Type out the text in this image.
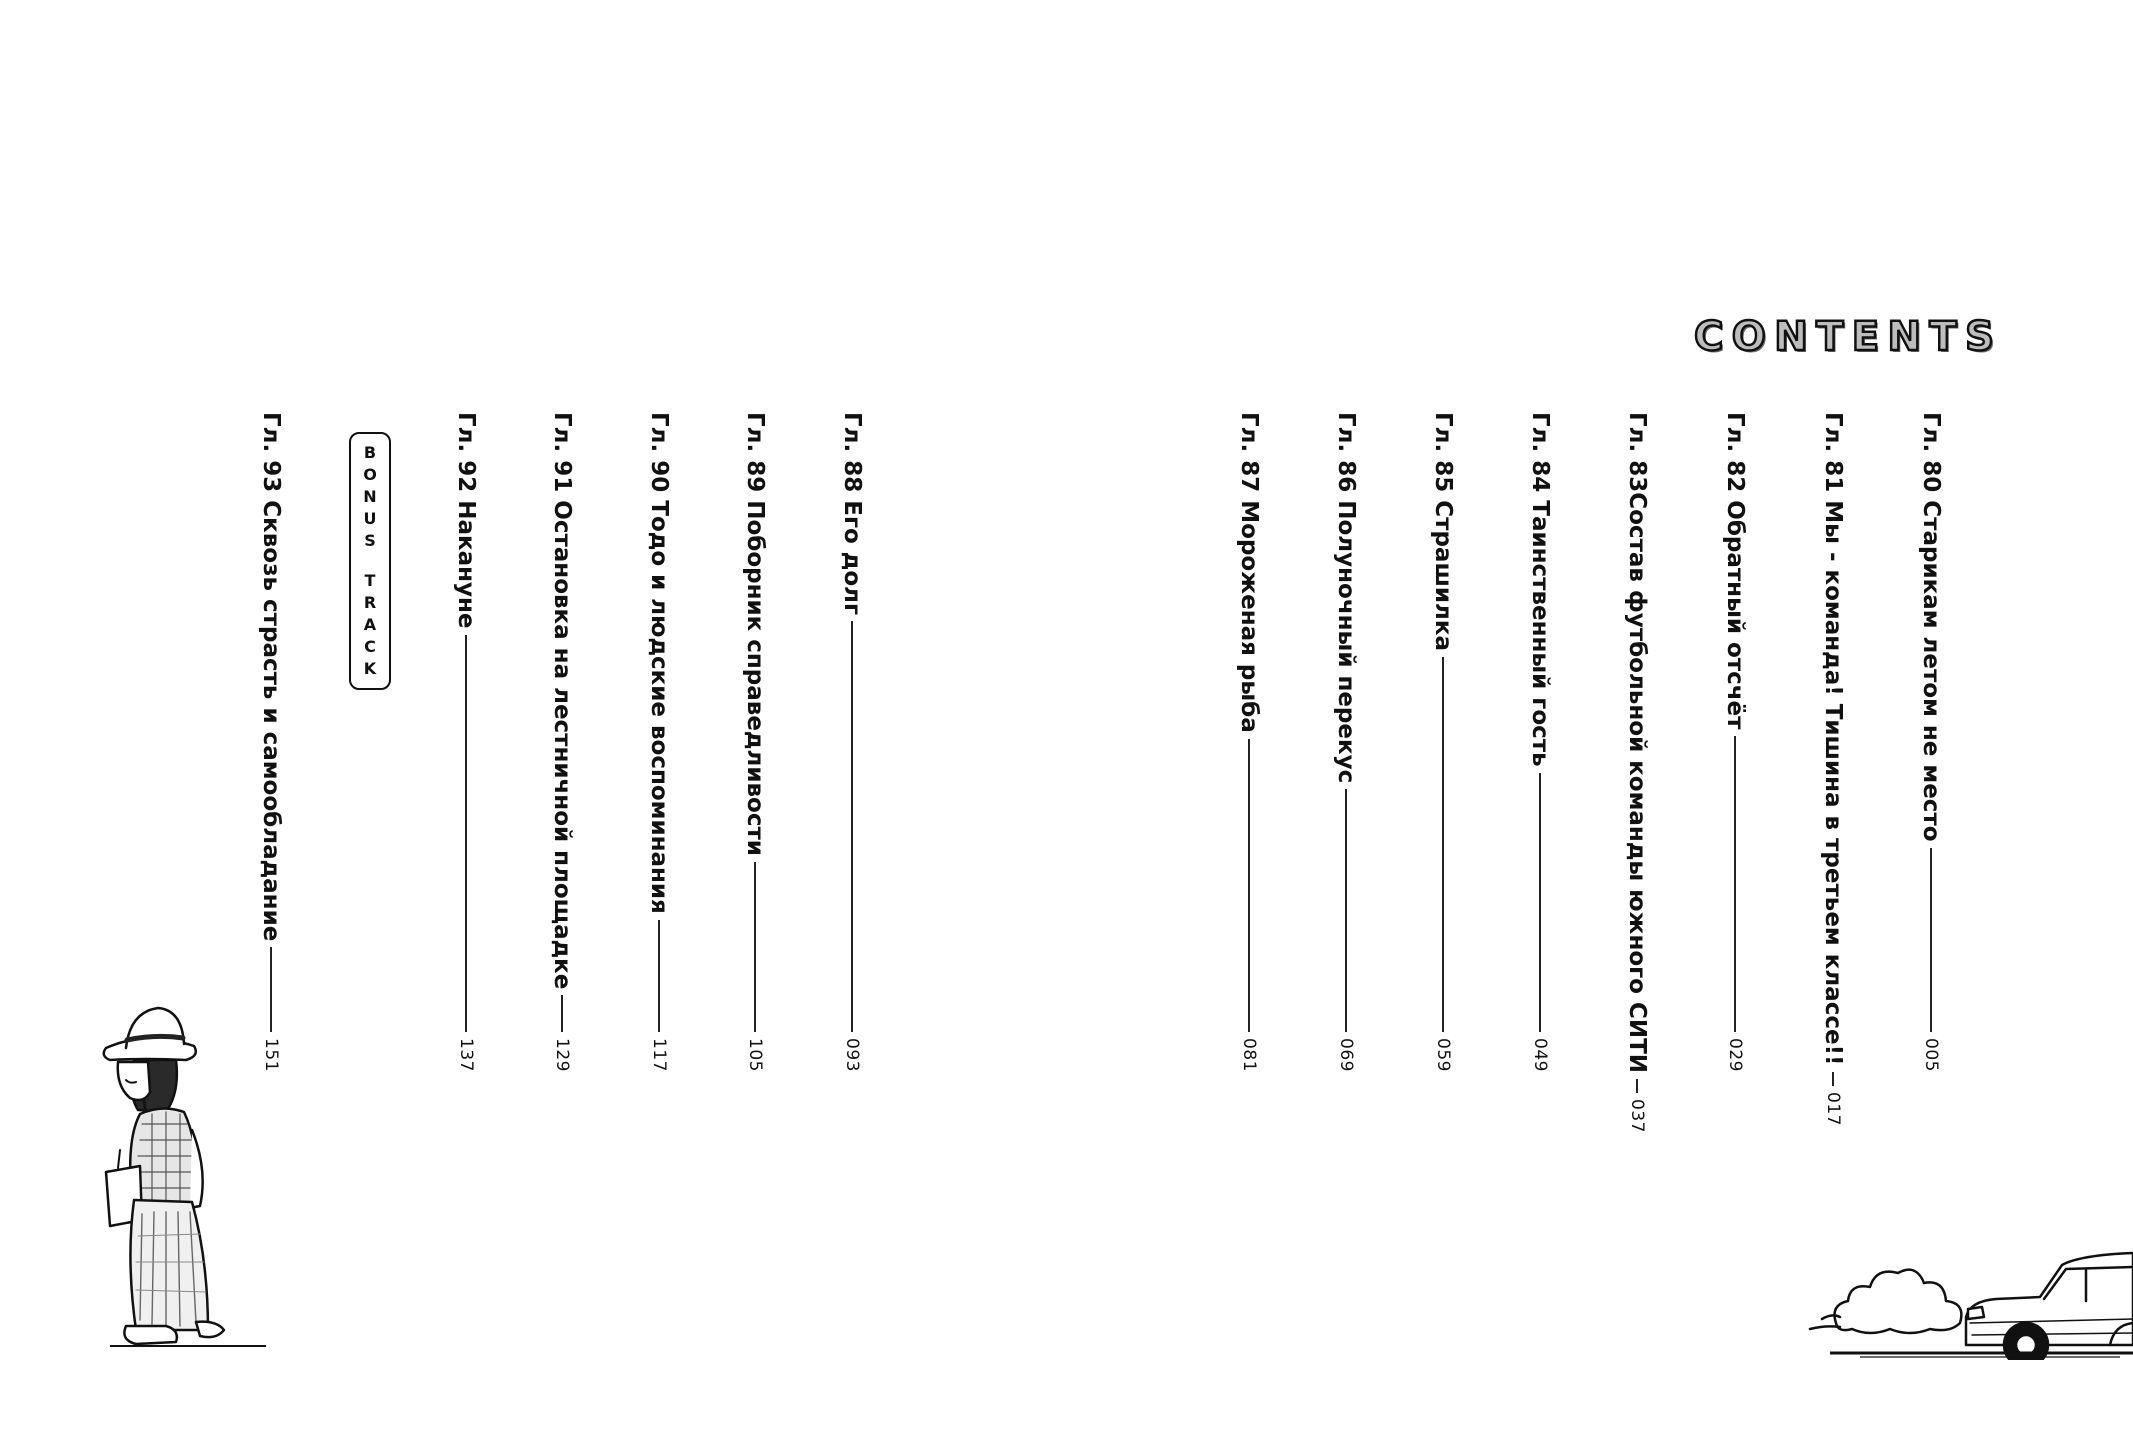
C O N T E N T S
Гл. 80 Старикам летом не место
005
Гл. 81 Мы - команда! Тишина в третьем классе!!
017
Гл. 82 Обратный отсчёт
029
Гл. 83Состав футбольной команды южного СИТИ
037
Гл. 84 Таинственный гость
049
Гл. 85 Страшилка
059
Гл. 86 Полуночный перекус
069
Гл. 87 Мороженая рыба
081
Гл. 88 Его долг
093
Гл. 89 Поборник справедливости
105
Гл. 90 Тодо и людские воспоминания
117
Гл. 91 Остановка на лестничной площадке
129
Гл. 92 Накануне
137
B
O
N
U
S
T
R
A
C
K
Гл. 93 Сквозь страсть и самообладание
151
